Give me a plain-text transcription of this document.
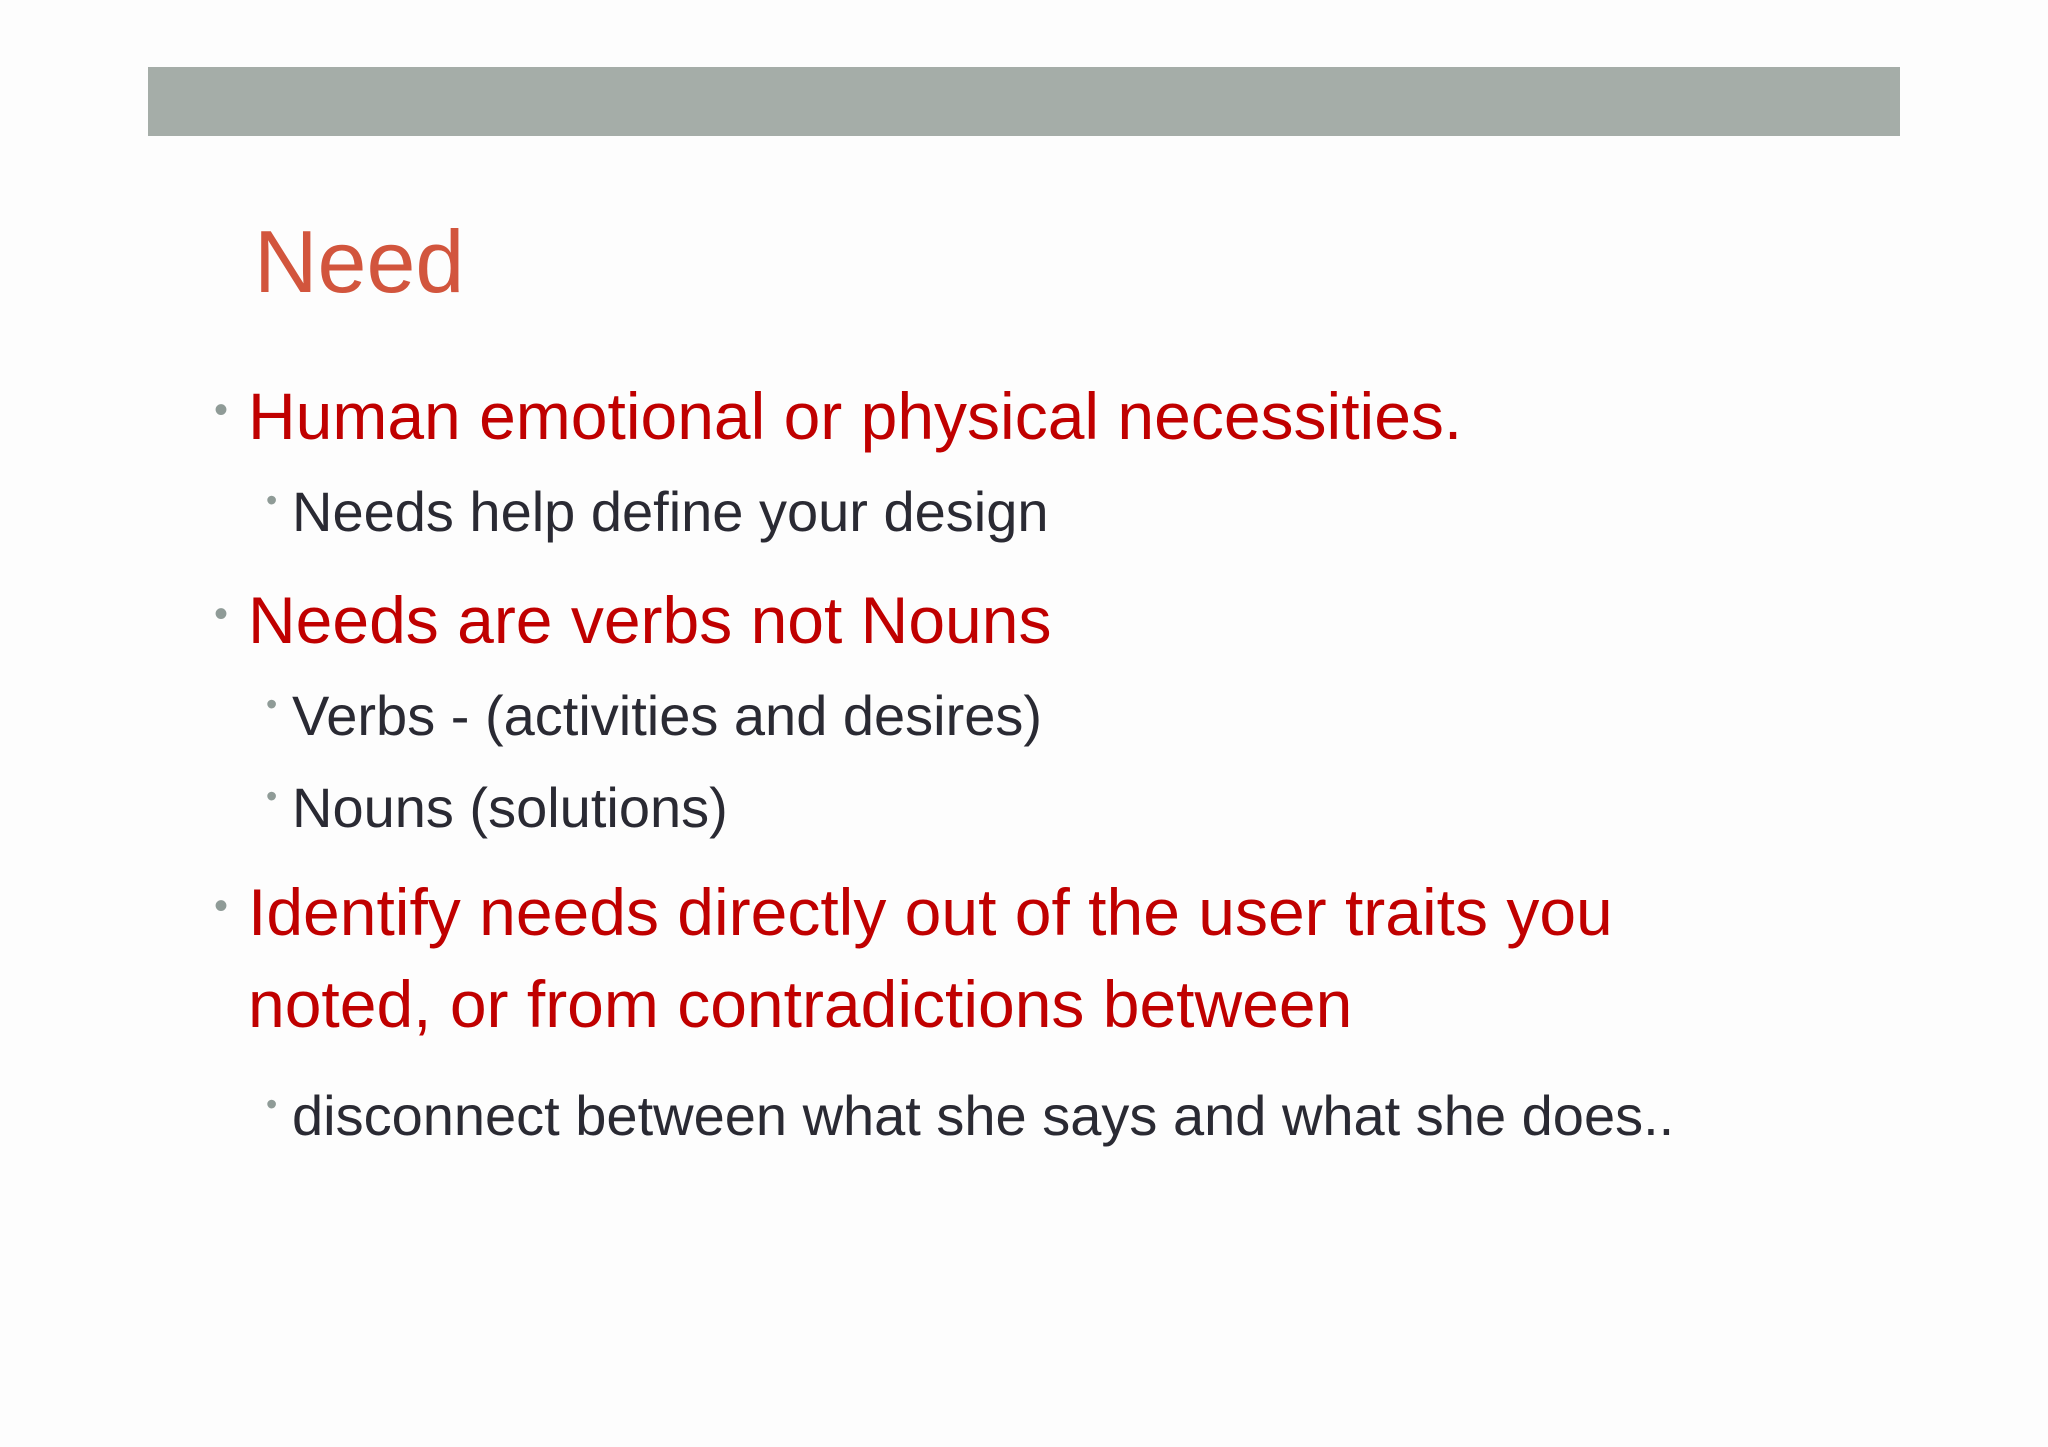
Need
• Human emotional or physical necessities.
• Needs help define your design
• Needs are verbs not Nouns
• Verbs - (activities and desires)
• Nouns (solutions)
• Identify needs directly out of the user traits you noted, or from contradictions between
• disconnect between what she says and what she does..
